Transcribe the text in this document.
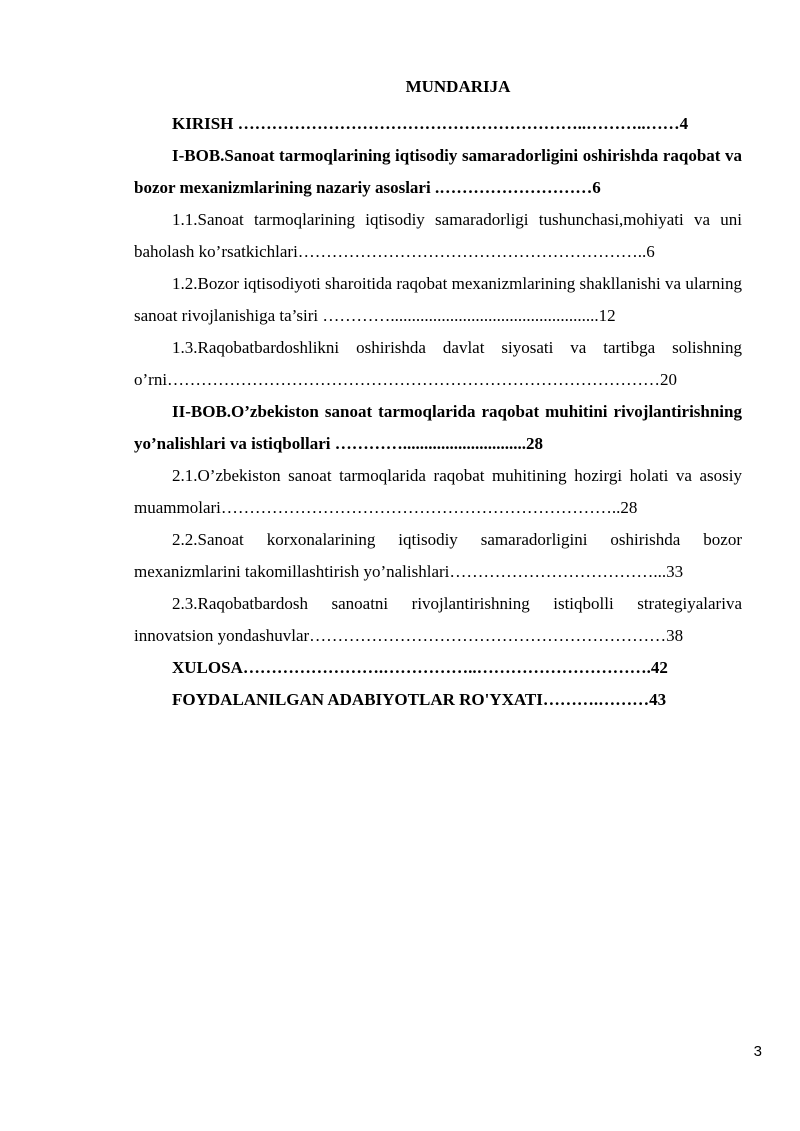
MUNDARIJA
KIRISH ……………………………………………………..………..……4
I-BOB.Sanoat tarmoqlarining iqtisodiy samaradorligini oshirishda raqobat va bozor mexanizmlarining nazariy asoslari .………………………6
1.1.Sanoat tarmoqlarining iqtisodiy samaradorligi tushunchasi,mohiyati va uni baholash ko’rsatkichlari……………………………………………………..6
1.2.Bozor iqtisodiyoti sharoitida raqobat mexanizmlarining shakllanishi va ularning sanoat rivojlanishiga ta’siri ………….................................................12
1.3.Raqobatbardoshlikni oshirishda davlat siyosati va tartibga solishning o’rni……………………………………………………………………………20
II-BOB.O’zbekiston sanoat tarmoqlarida raqobat muhitini rivojlantirishning yo’nalishlari va istiqbollari ………….............................28
2.1.O’zbekiston sanoat tarmoqlarida raqobat muhitining hozirgi holati va asosiy muammolari……………………………………………………………..28
2.2.Sanoat korxonalarining iqtisodiy samaradorligini oshirishda bozor mexanizmlarini takomillashtirish yo’nalishlari………………………………...33
2.3.Raqobatbardosh sanoatni rivojlantirishning istiqbolli strategiyalariva innovatsion yondashuvlar………………………………………………………38
XULOSA…………………….……………..………………………….42
FOYDALANILGAN ADABIYOTLAR RO'YXATI……….………43
3
